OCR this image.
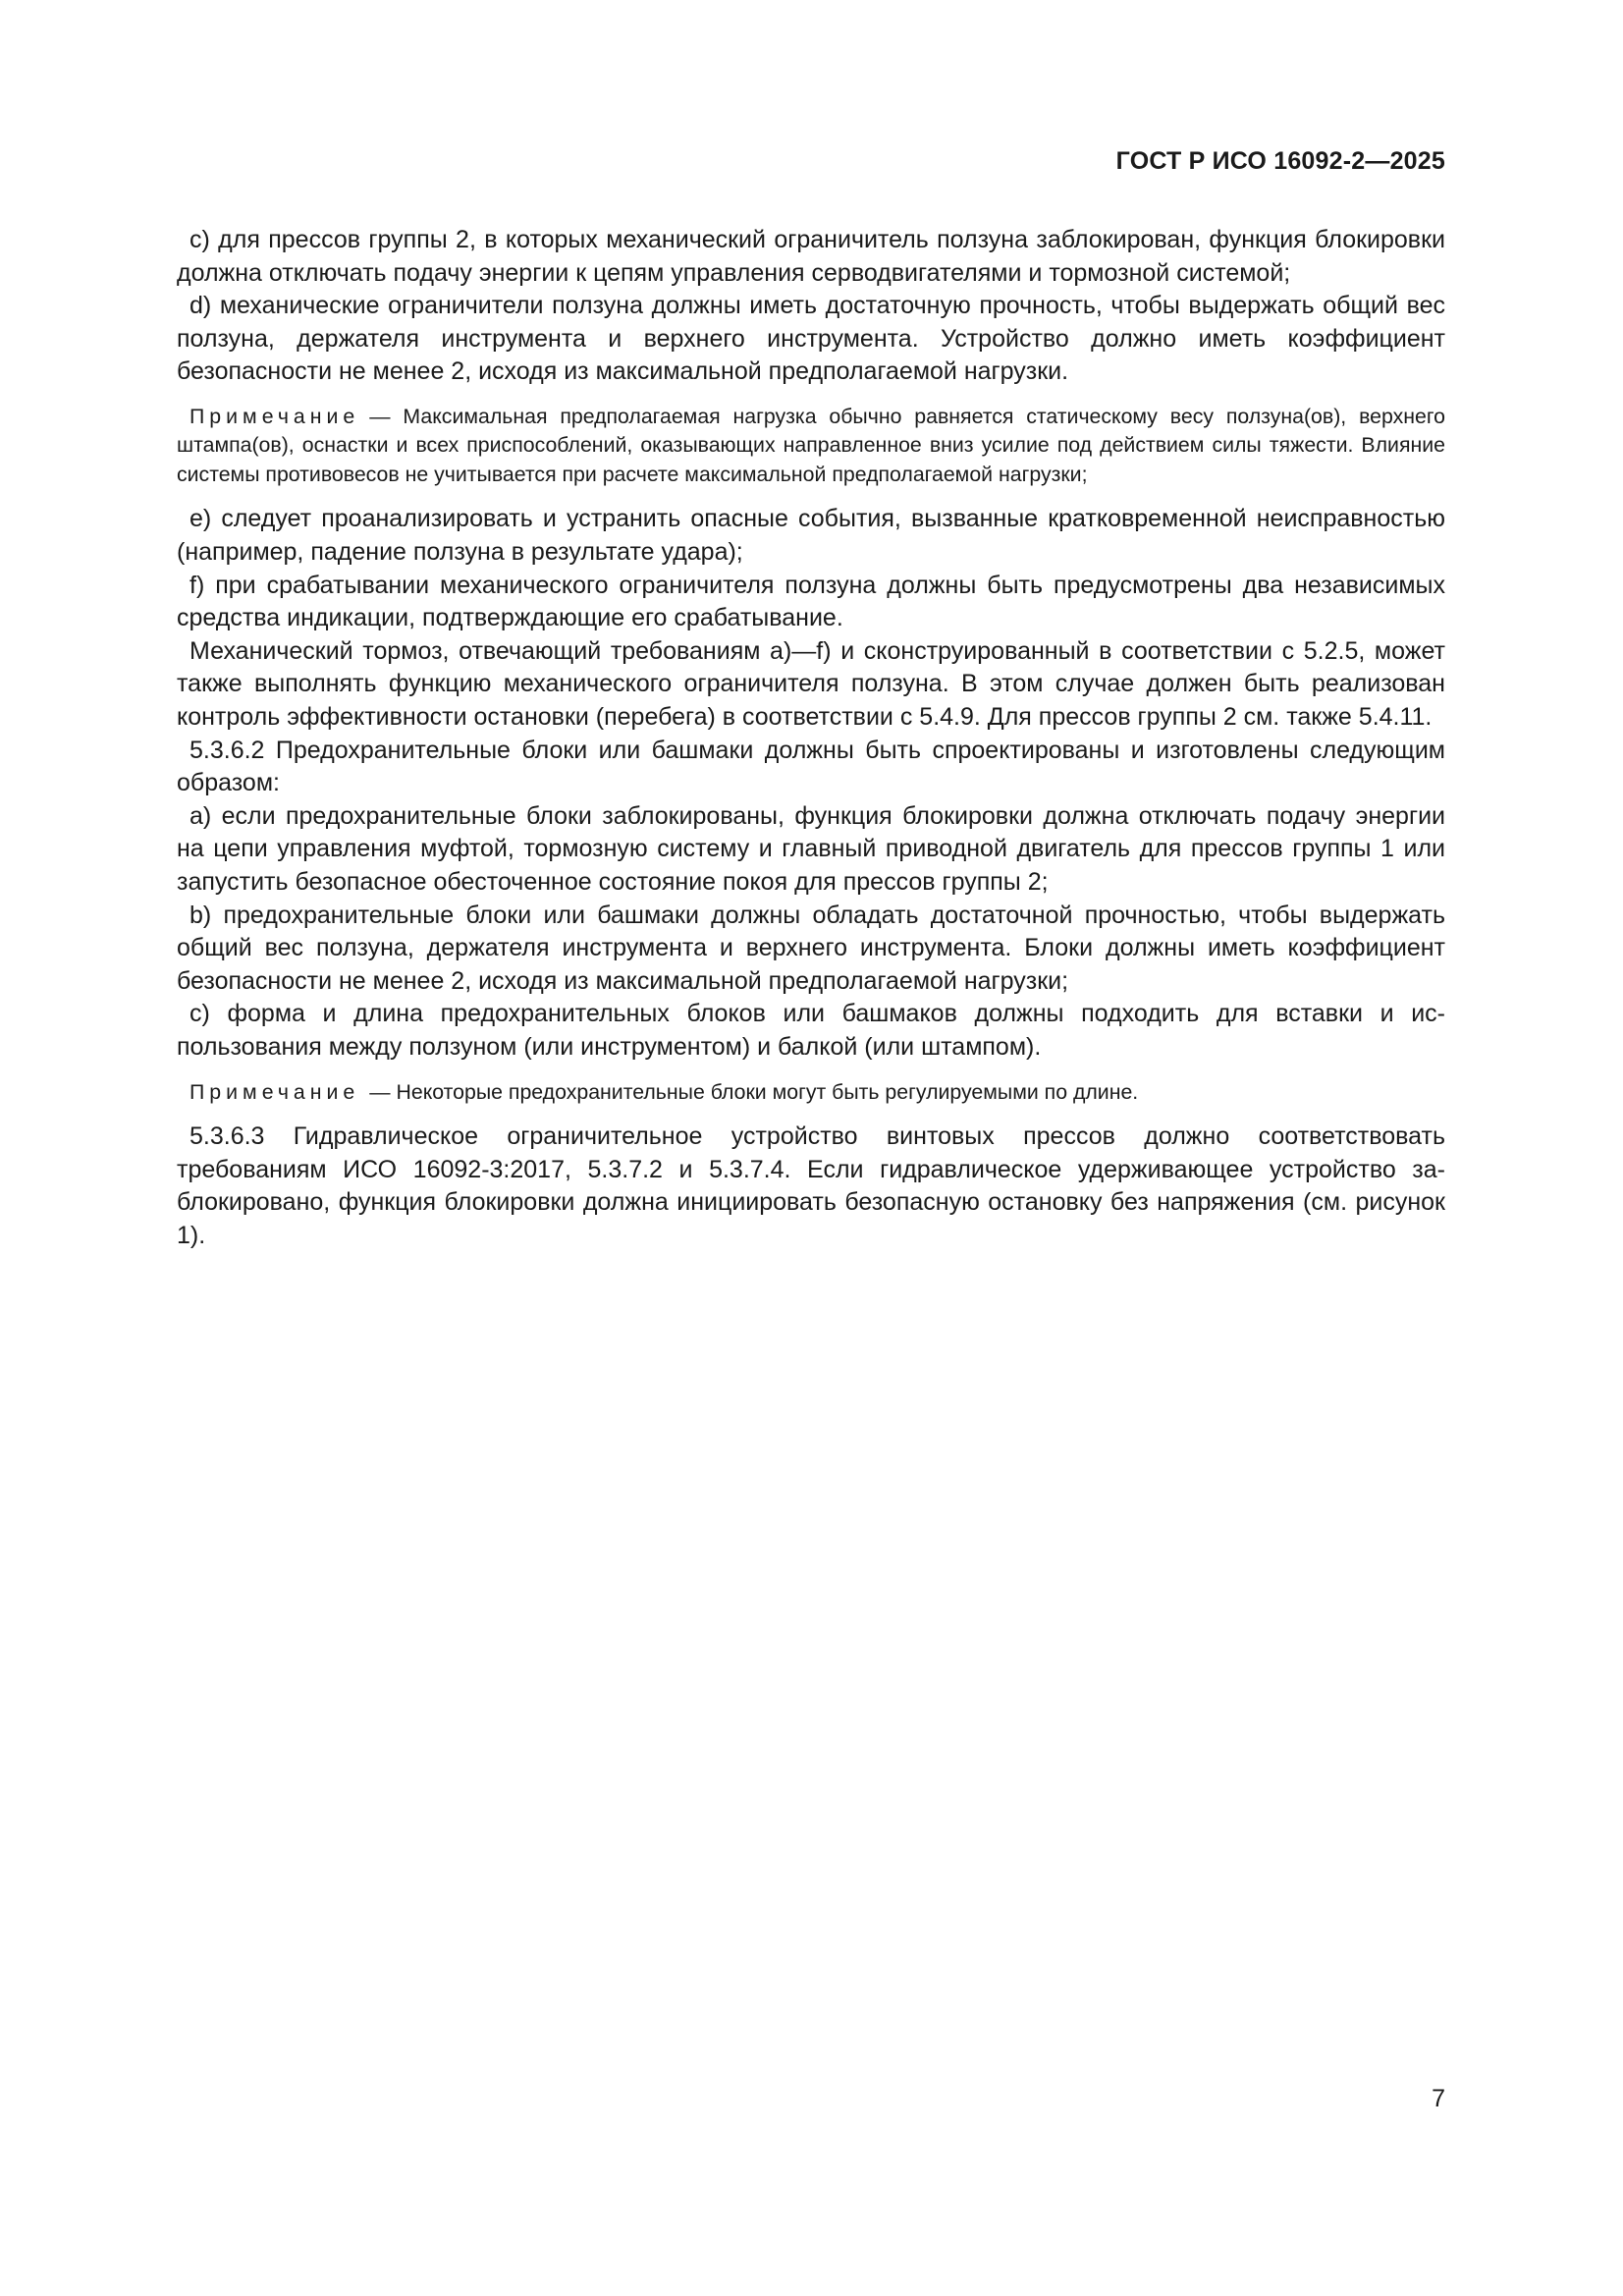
ГОСТ Р ИСО 16092-2—2025

c) для прессов группы 2, в которых механический ограничитель ползуна заблокирован, функция блокировки должна отключать подачу энергии к цепям управления серводвигателями и тормозной системой;

d) механические ограничители ползуна должны иметь достаточную прочность, чтобы выдержать общий вес ползуна, держателя инструмента и верхнего инструмента. Устройство должно иметь коэффициент безопасности не менее 2, исходя из максимальной предполагаемой нагрузки.

Примечание — Максимальная предполагаемая нагрузка обычно равняется статическому весу ползуна(ов), верхнего штампа(ов), оснастки и всех приспособлений, оказывающих направленное вниз усилие под действием силы тяжести. Влияние системы противовесов не учитывается при расчете максимальной предполагаемой нагрузки;

e) следует проанализировать и устранить опасные события, вызванные кратковременной неисправностью (например, падение ползуна в результате удара);

f) при срабатывании механического ограничителя ползуна должны быть предусмотрены два независимых средства индикации, подтверждающие его срабатывание.

Механический тормоз, отвечающий требованиям a)—f) и сконструированный в соответствии с 5.2.5, может также выполнять функцию механического ограничителя ползуна. В этом случае должен быть реализован контроль эффективности остановки (перебега) в соответствии с 5.4.9. Для прессов группы 2 см. также 5.4.11.

5.3.6.2 Предохранительные блоки или башмаки должны быть спроектированы и изготовлены следующим образом:

a) если предохранительные блоки заблокированы, функция блокировки должна отключать подачу энергии на цепи управления муфтой, тормозную систему и главный приводной двигатель для прессов группы 1 или запустить безопасное обесточенное состояние покоя для прессов группы 2;

b) предохранительные блоки или башмаки должны обладать достаточной прочностью, чтобы выдержать общий вес ползуна, держателя инструмента и верхнего инструмента. Блоки должны иметь коэффициент безопасности не менее 2, исходя из максимальной предполагаемой нагрузки;

c) форма и длина предохранительных блоков или башмаков должны подходить для вставки и использования между ползуном (или инструментом) и балкой (или штампом).

Примечание — Некоторые предохранительные блоки могут быть регулируемыми по длине.

5.3.6.3 Гидравлическое ограничительное устройство винтовых прессов должно соответствовать требованиям ИСО 16092-3:2017, 5.3.7.2 и 5.3.7.4. Если гидравлическое удерживающее устройство заблокировано, функция блокировки должна инициировать безопасную остановку без напряжения (см. рисунок 1).

7
